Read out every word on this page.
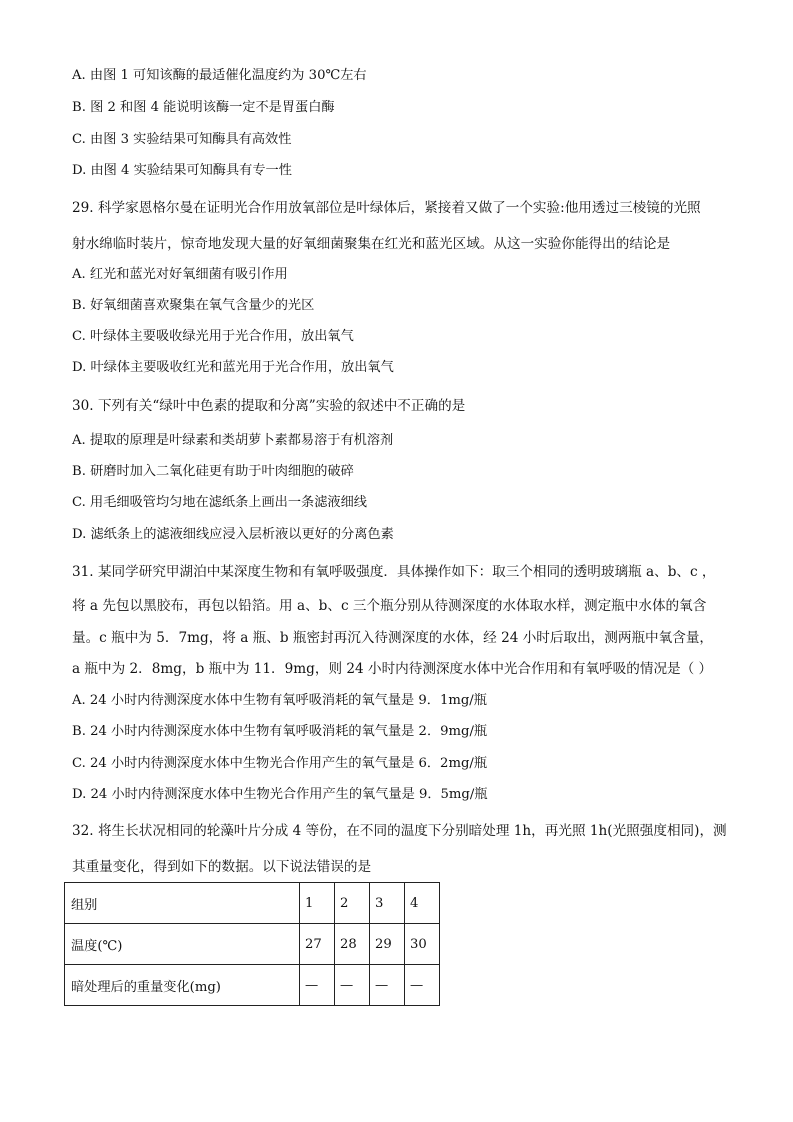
A. 由图 1 可知该酶的最适催化温度约为 30℃左右
B. 图 2 和图 4 能说明该酶一定不是胃蛋白酶
C. 由图 3 实验结果可知酶具有高效性
D. 由图 4 实验结果可知酶具有专一性
29. 科学家恩格尔曼在证明光合作用放氧部位是叶绿体后，紧接着又做了一个实验:他用透过三棱镜的光照
射水绵临时装片，惊奇地发现大量的好氧细菌聚集在红光和蓝光区域。从这一实验你能得出的结论是
A. 红光和蓝光对好氧细菌有吸引作用
B. 好氧细菌喜欢聚集在氧气含量少的光区
C. 叶绿体主要吸收绿光用于光合作用，放出氧气
D. 叶绿体主要吸收红光和蓝光用于光合作用，放出氧气
30. 下列有关“绿叶中色素的提取和分离”实验的叙述中不正确的是
A. 提取的原理是叶绿素和类胡萝卜素都易溶于有机溶剂
B. 研磨时加入二氧化硅更有助于叶肉细胞的破碎
C. 用毛细吸管均匀地在滤纸条上画出一条滤液细线
D. 滤纸条上的滤液细线应浸入层析液以更好的分离色素
31. 某同学研究甲湖泊中某深度生物和有氧呼吸强度．具体操作如下：取三个相同的透明玻璃瓶 a、b、c ，
将 a 先包以黑胶布，再包以铅箔。用 a、b、c 三个瓶分别从待测深度的水体取水样，测定瓶中水体的氧含
量。c 瓶中为 5．7mg，将 a 瓶、b 瓶密封再沉入待测深度的水体，经 24 小时后取出，测两瓶中氧含量，
a 瓶中为 2．8mg，b 瓶中为 11．9mg，则 24 小时内待测深度水体中光合作用和有氧呼吸的情况是（ ）
A. 24 小时内待测深度水体中生物有氧呼吸消耗的氧气量是 9．1mg/瓶
B. 24 小时内待测深度水体中生物有氧呼吸消耗的氧气量是 2．9mg/瓶
C. 24 小时内待测深度水体中生物光合作用产生的氧气量是 6．2mg/瓶
D. 24 小时内待测深度水体中生物光合作用产生的氧气量是 9．5mg/瓶
32. 将生长状况相同的轮藻叶片分成 4 等份，在不同的温度下分别暗处理 1h，再光照 1h(光照强度相同)，测
其重量变化，得到如下的数据。以下说法错误的是
组别	1	2	3	4
温度(℃)	27	28	29	30
暗处理后的重量变化(mg)	—	—	—	—
